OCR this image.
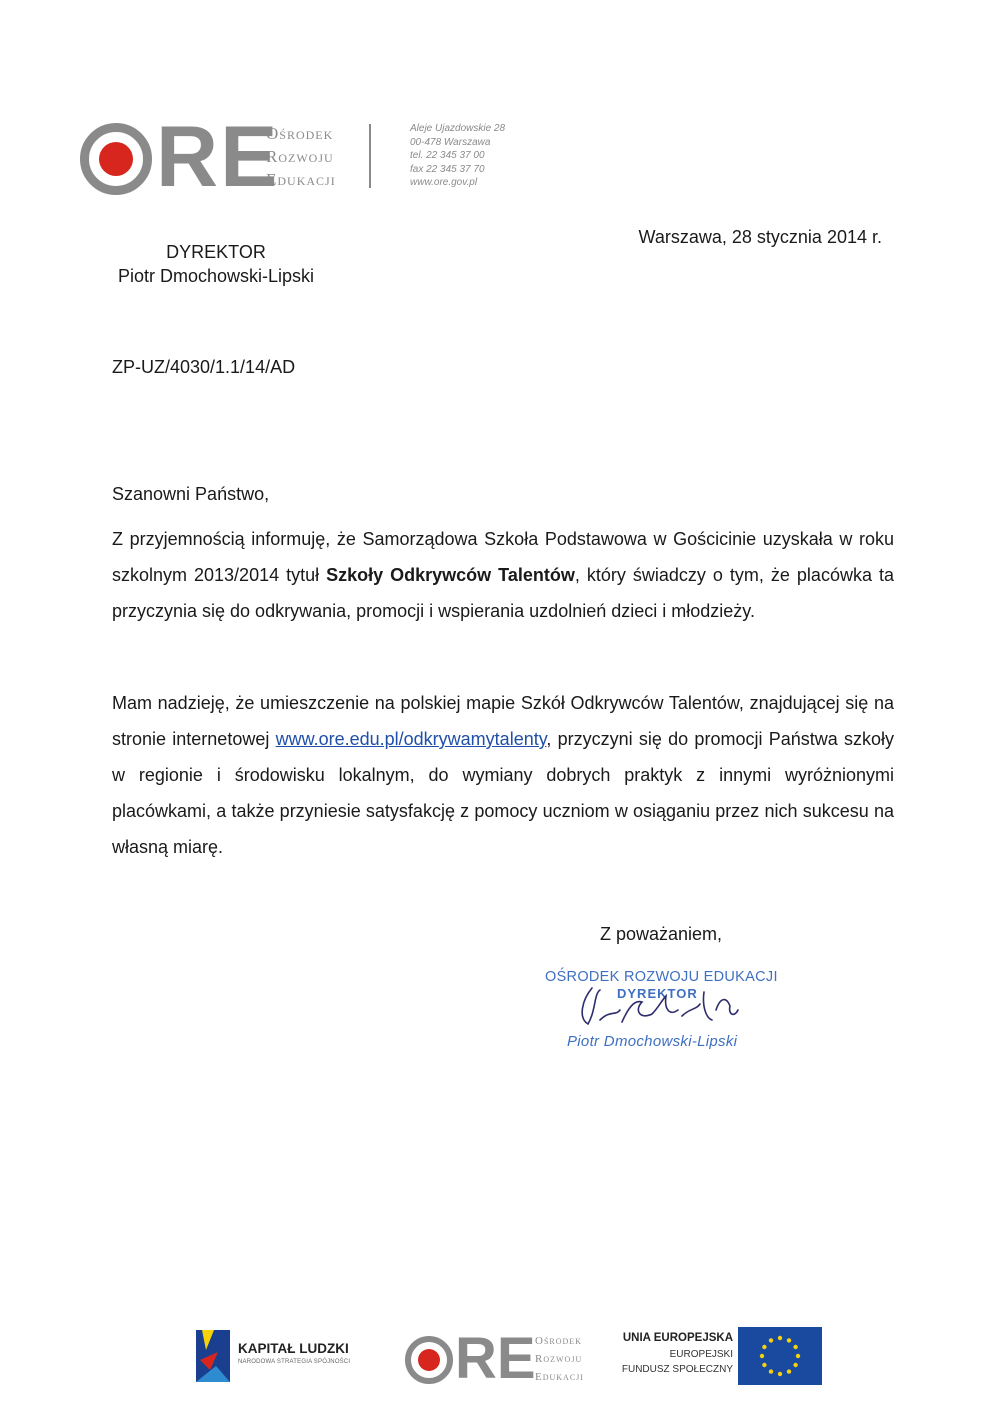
RE
Ośrodek
Rozwoju
Edukacji
Aleje Ujazdowskie 28
00-478 Warszawa
tel. 22 345 37 00
fax 22 345 37 70
www.ore.gov.pl
Warszawa, 28 stycznia 2014 r.
DYREKTOR
Piotr Dmochowski-Lipski
ZP-UZ/4030/1.1/14/AD
Szanowni Państwo,
Z przyjemnością informuję, że Samorządowa Szkoła Podstawowa w Gościcinie uzyskała w roku szkolnym 2013/2014 tytuł Szkoły Odkrywców Talentów, który świadczy o tym, że placówka ta przyczynia się do odkrywania, promocji i wspierania uzdolnień dzieci i młodzieży.
Mam nadzieję, że umieszczenie na polskiej mapie Szkół Odkrywców Talentów, znajdującej się na stronie internetowej www.ore.edu.pl/odkrywamytalenty, przyczyni się do promocji Państwa szkoły w regionie i środowisku lokalnym, do wymiany dobrych praktyk z innymi wyróżnionymi placówkami, a także przyniesie satysfakcję z pomocy uczniom w osiąganiu przez nich sukcesu na własną miarę.
Z poważaniem,
OŚRODEK ROZWOJU EDUKACJI
DYREKTOR
Piotr Dmochowski-Lipski
KAPITAŁ LUDZKI
NARODOWA STRATEGIA SPÓJNOŚCI RE Ośrodek
Rozwoju
Edukacji
UNIA EUROPEJSKA
EUROPEJSKI
FUNDUSZ SPOŁECZNY
